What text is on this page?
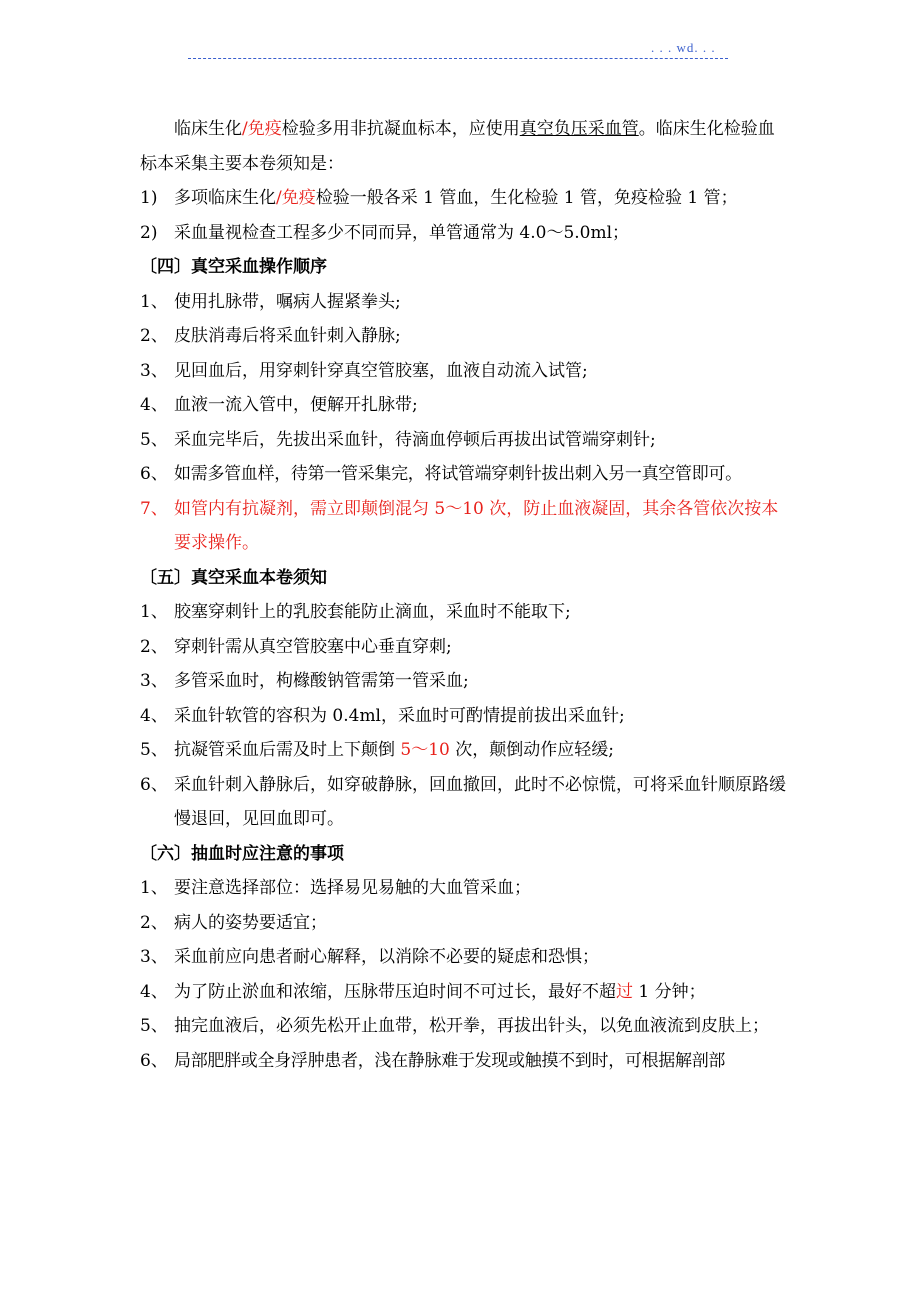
. . . wd. . .

临床生化/免疫检验多用非抗凝血标本，应使用真空负压采血管。临床生化检验血标本采集主要本卷须知是：

1) 多项临床生化/免疫检验一般各采 1 管血，生化检验 1 管，免疫检验 1 管；
2) 采血量视检查工程多少不同而异，单管通常为 4.0～5.0ml；

〔四〕真空采血操作顺序

1、 使用扎脉带，嘱病人握紧拳头;
2、 皮肤消毒后将采血针刺入静脉;
3、 见回血后，用穿刺针穿真空管胶塞，血液自动流入试管;
4、 血液一流入管中，便解开扎脉带;
5、 采血完毕后，先拔出采血针，待滴血停顿后再拔出试管端穿刺针;
6、 如需多管血样，待第一管采集完，将试管端穿刺针拔出刺入另一真空管即可。
7、 如管内有抗凝剂，需立即颠倒混匀 5～10 次，防止血液凝固，其余各管依次按本要求操作。

〔五〕真空采血本卷须知

1、 胶塞穿刺针上的乳胶套能防止滴血，采血时不能取下;
2、 穿刺针需从真空管胶塞中心垂直穿刺;
3、 多管采血时，枸橼酸钠管需第一管采血;
4、 采血针软管的容积为 0.4ml，采血时可酌情提前拔出采血针;
5、 抗凝管采血后需及时上下颠倒 5～10 次，颠倒动作应轻缓;
6、 采血针刺入静脉后，如穿破静脉，回血撤回，此时不必惊慌，可将采血针顺原路缓慢退回，见回血即可。

〔六〕抽血时应注意的事项

1、 要注意选择部位：选择易见易触的大血管采血；
2、 病人的姿势要适宜；
3、 采血前应向患者耐心解释，以消除不必要的疑虑和恐惧；
4、 为了防止淤血和浓缩，压脉带压迫时间不可过长，最好不超过 1 分钟；
5、 抽完血液后，必须先松开止血带，松开拳，再拔出针头，以免血液流到皮肤上；
6、 局部肥胖或全身浮肿患者，浅在静脉难于发现或触摸不到时，可根据解剖部
